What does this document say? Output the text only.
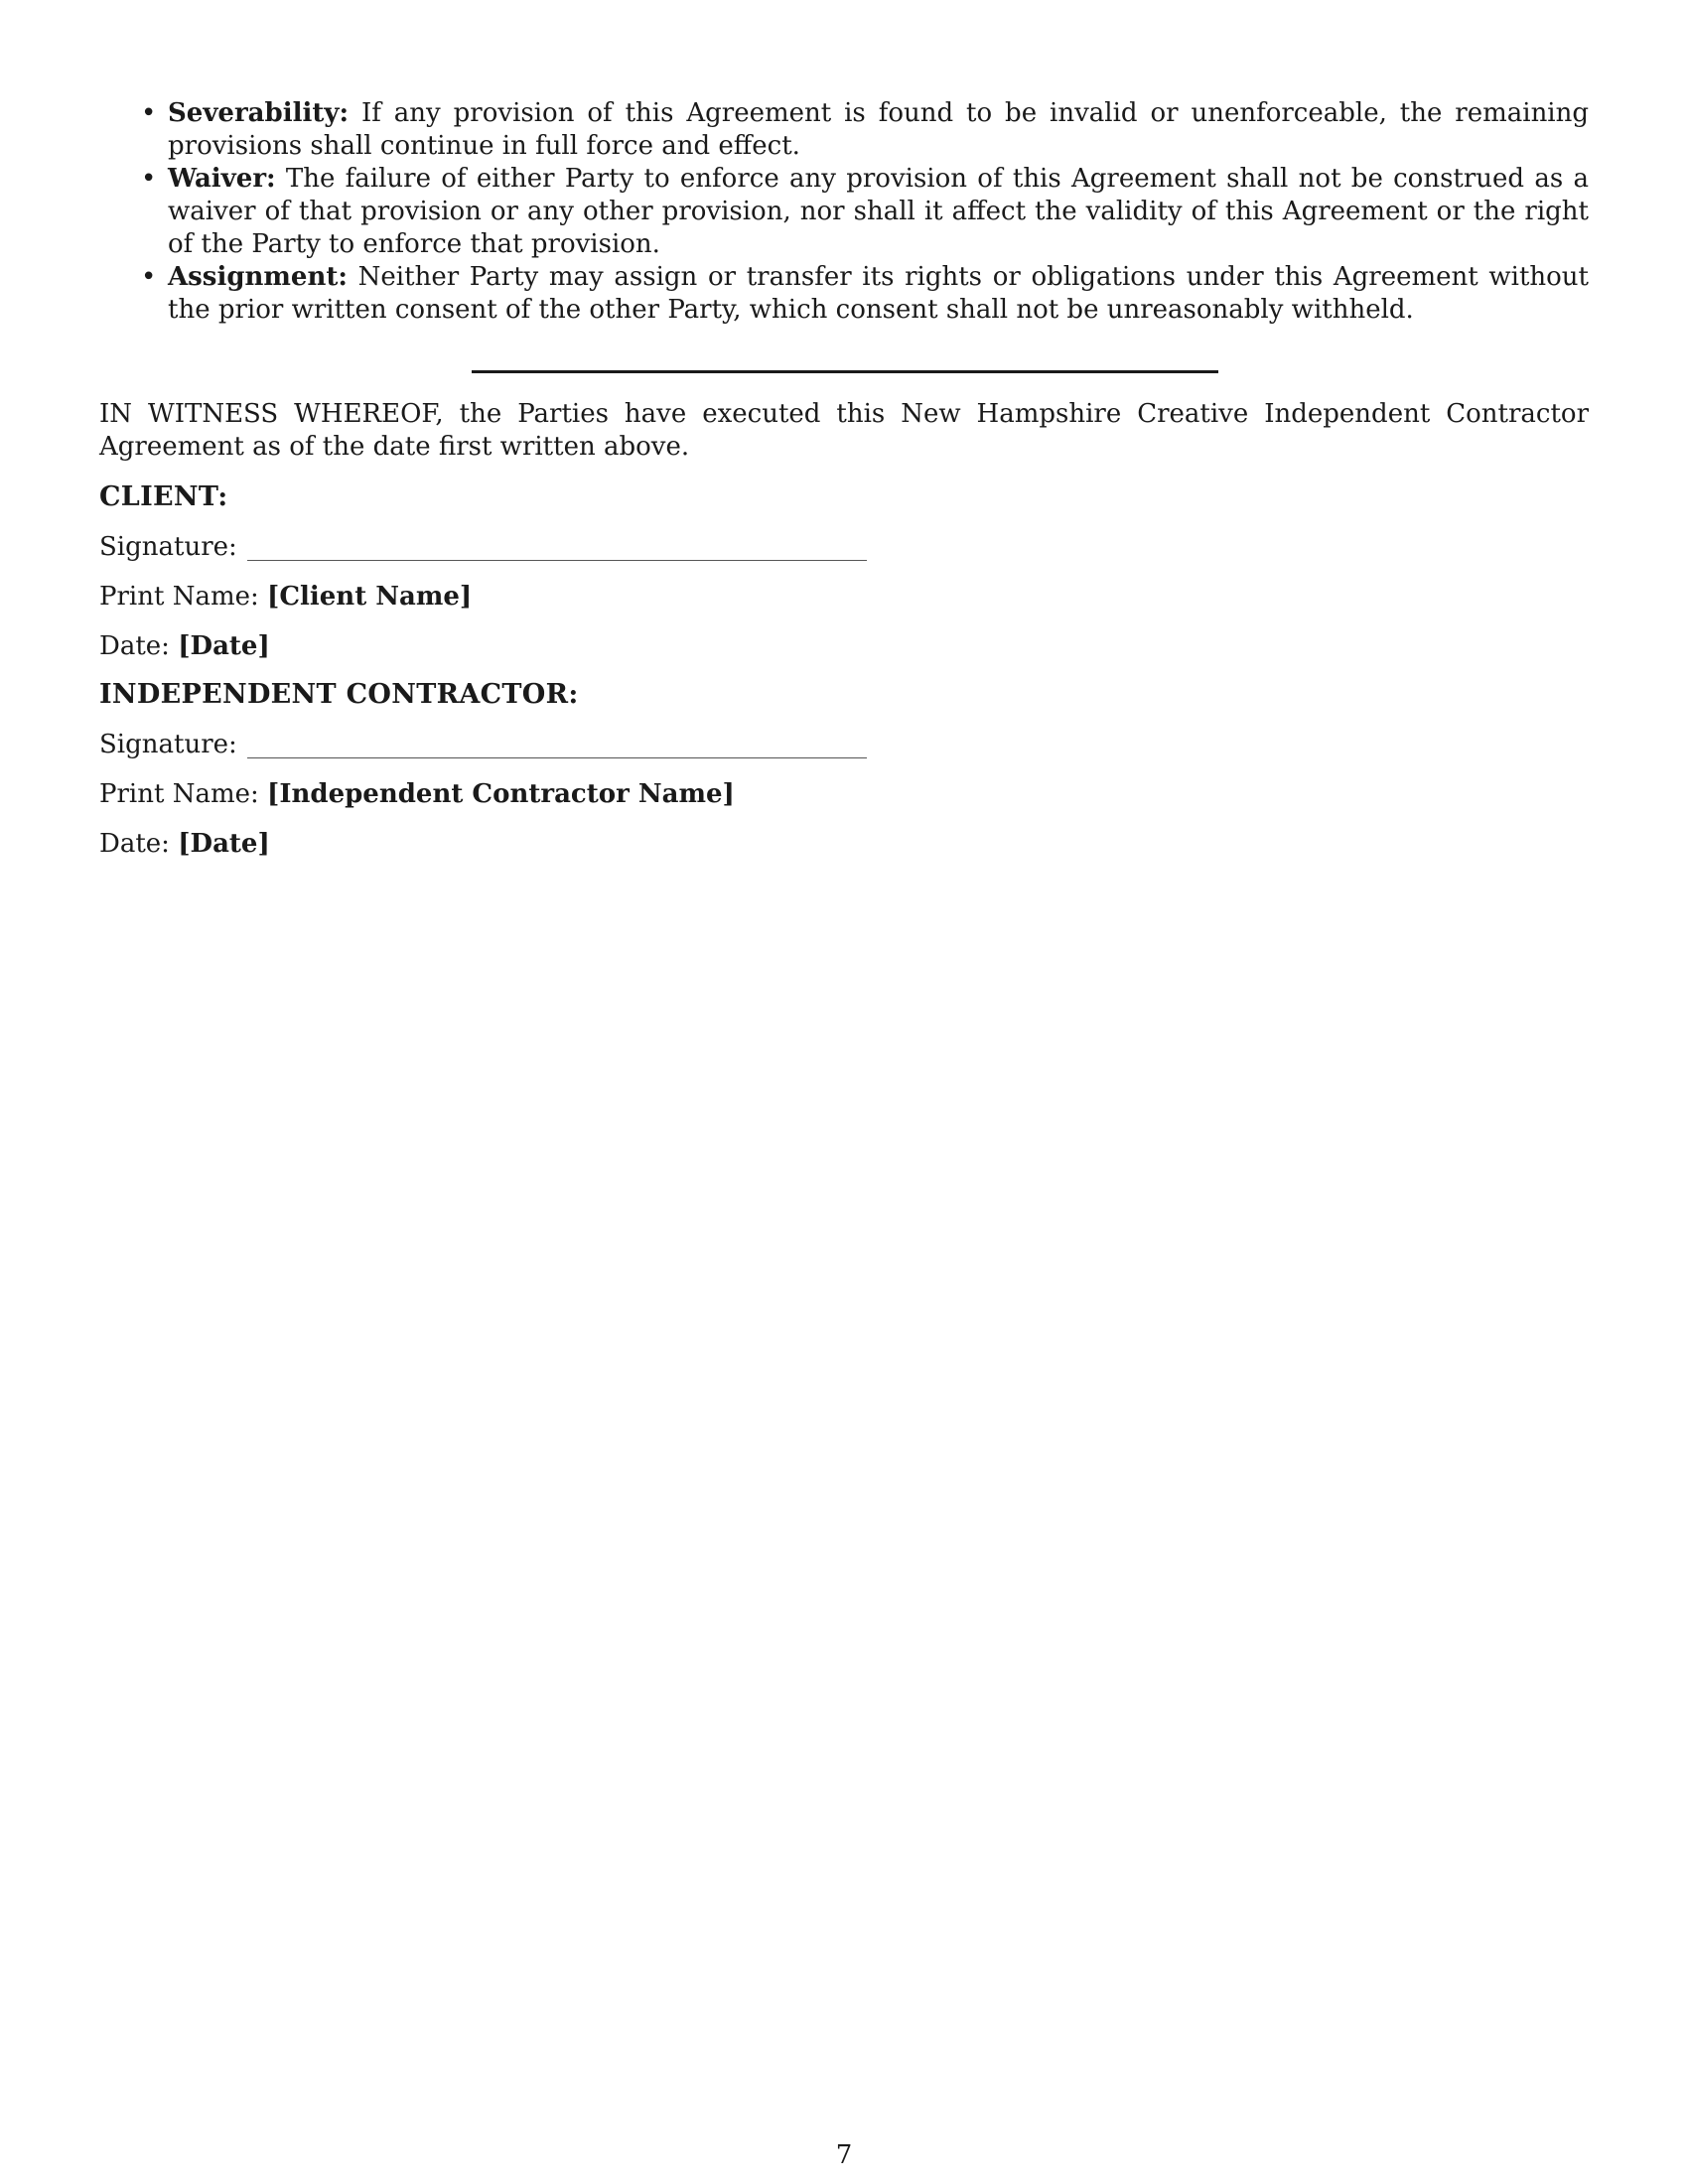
• Severability: If any provision of this Agreement is found to be invalid or unenforceable, the remaining provisions shall continue in full force and effect.
• Waiver: The failure of either Party to enforce any provision of this Agreement shall not be construed as a waiver of that provision or any other provision, nor shall it affect the validity of this Agreement or the right of the Party to enforce that provision.
• Assignment: Neither Party may assign or transfer its rights or obligations under this Agreement without the prior written consent of the other Party, which consent shall not be unreasonably withheld.

IN WITNESS WHEREOF, the Parties have executed this New Hampshire Creative Independent Contractor Agreement as of the date first written above.

CLIENT:

Signature:

Print Name: [Client Name]

Date: [Date]

INDEPENDENT CONTRACTOR:

Signature:

Print Name: [Independent Contractor Name]

Date: [Date]

7
